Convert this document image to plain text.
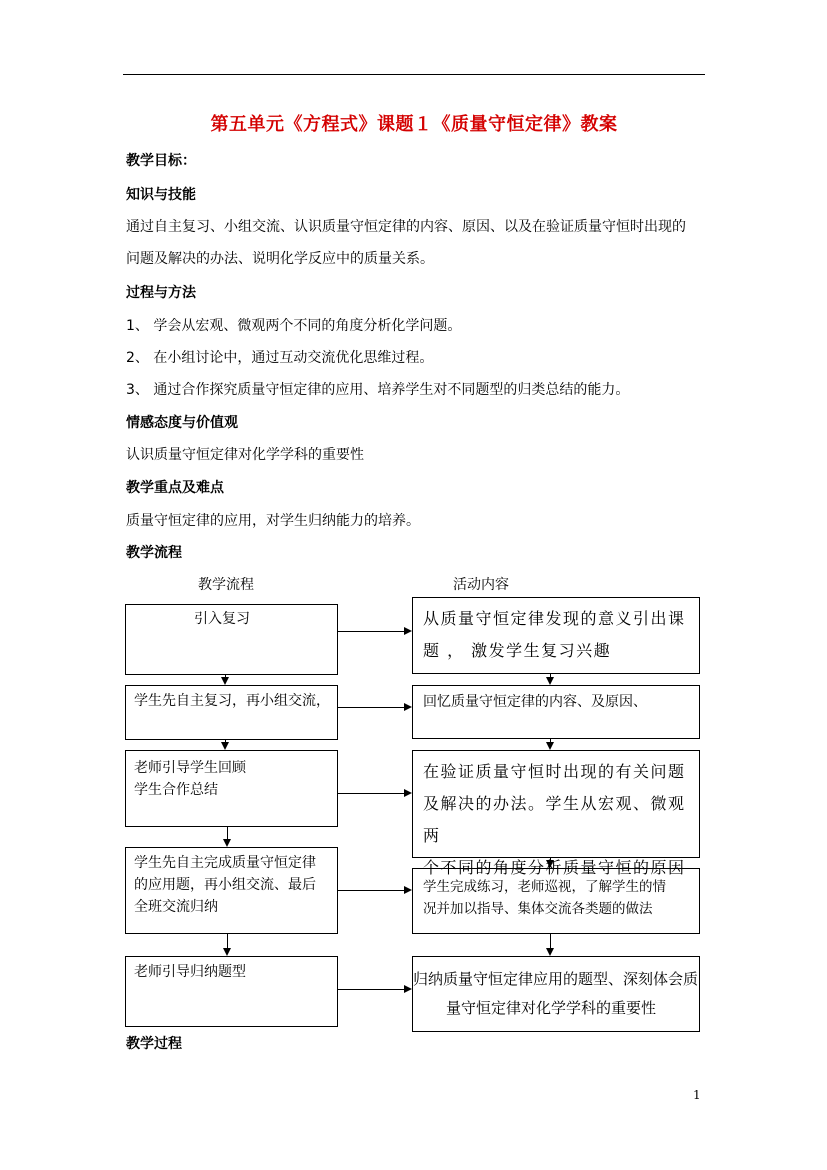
第五单元《方程式》课题１《质量守恒定律》教案
教学目标：
知识与技能
通过自主复习、小组交流、认识质量守恒定律的内容、原因、以及在验证质量守恒时出现的
问题及解决的办法、说明化学反应中的质量关系。
过程与方法
1、 学会从宏观、微观两个不同的角度分析化学问题。
2、 在小组讨论中，通过互动交流优化思维过程。
3、 通过合作探究质量守恒定律的应用、培养学生对不同题型的归类总结的能力。
情感态度与价值观
认识质量守恒定律对化学学科的重要性
教学重点及难点
质量守恒定律的应用，对学生归纳能力的培养。
教学流程
教学流程	活动内容
引入复习
学生先自主复习，再小组交流，
老师引导学生回顾
学生合作总结
学生先自主完成质量守恒定律
的应用题，再小组交流、最后
全班交流归纳
老师引导归纳题型
从质量守恒定律发现的意义引出课
题 ， 激发学生复习兴趣
回忆质量守恒定律的内容、及原因、
在验证质量守恒时出现的有关问题
及解决的办法。学生从宏观、微观两
个不同的角度分析质量守恒的原因
学生完成练习，老师巡视，了解学生的情
况并加以指导、集体交流各类题的做法
归纳质量守恒定律应用的题型、深刻体会质
量守恒定律对化学学科的重要性
教学过程
1
